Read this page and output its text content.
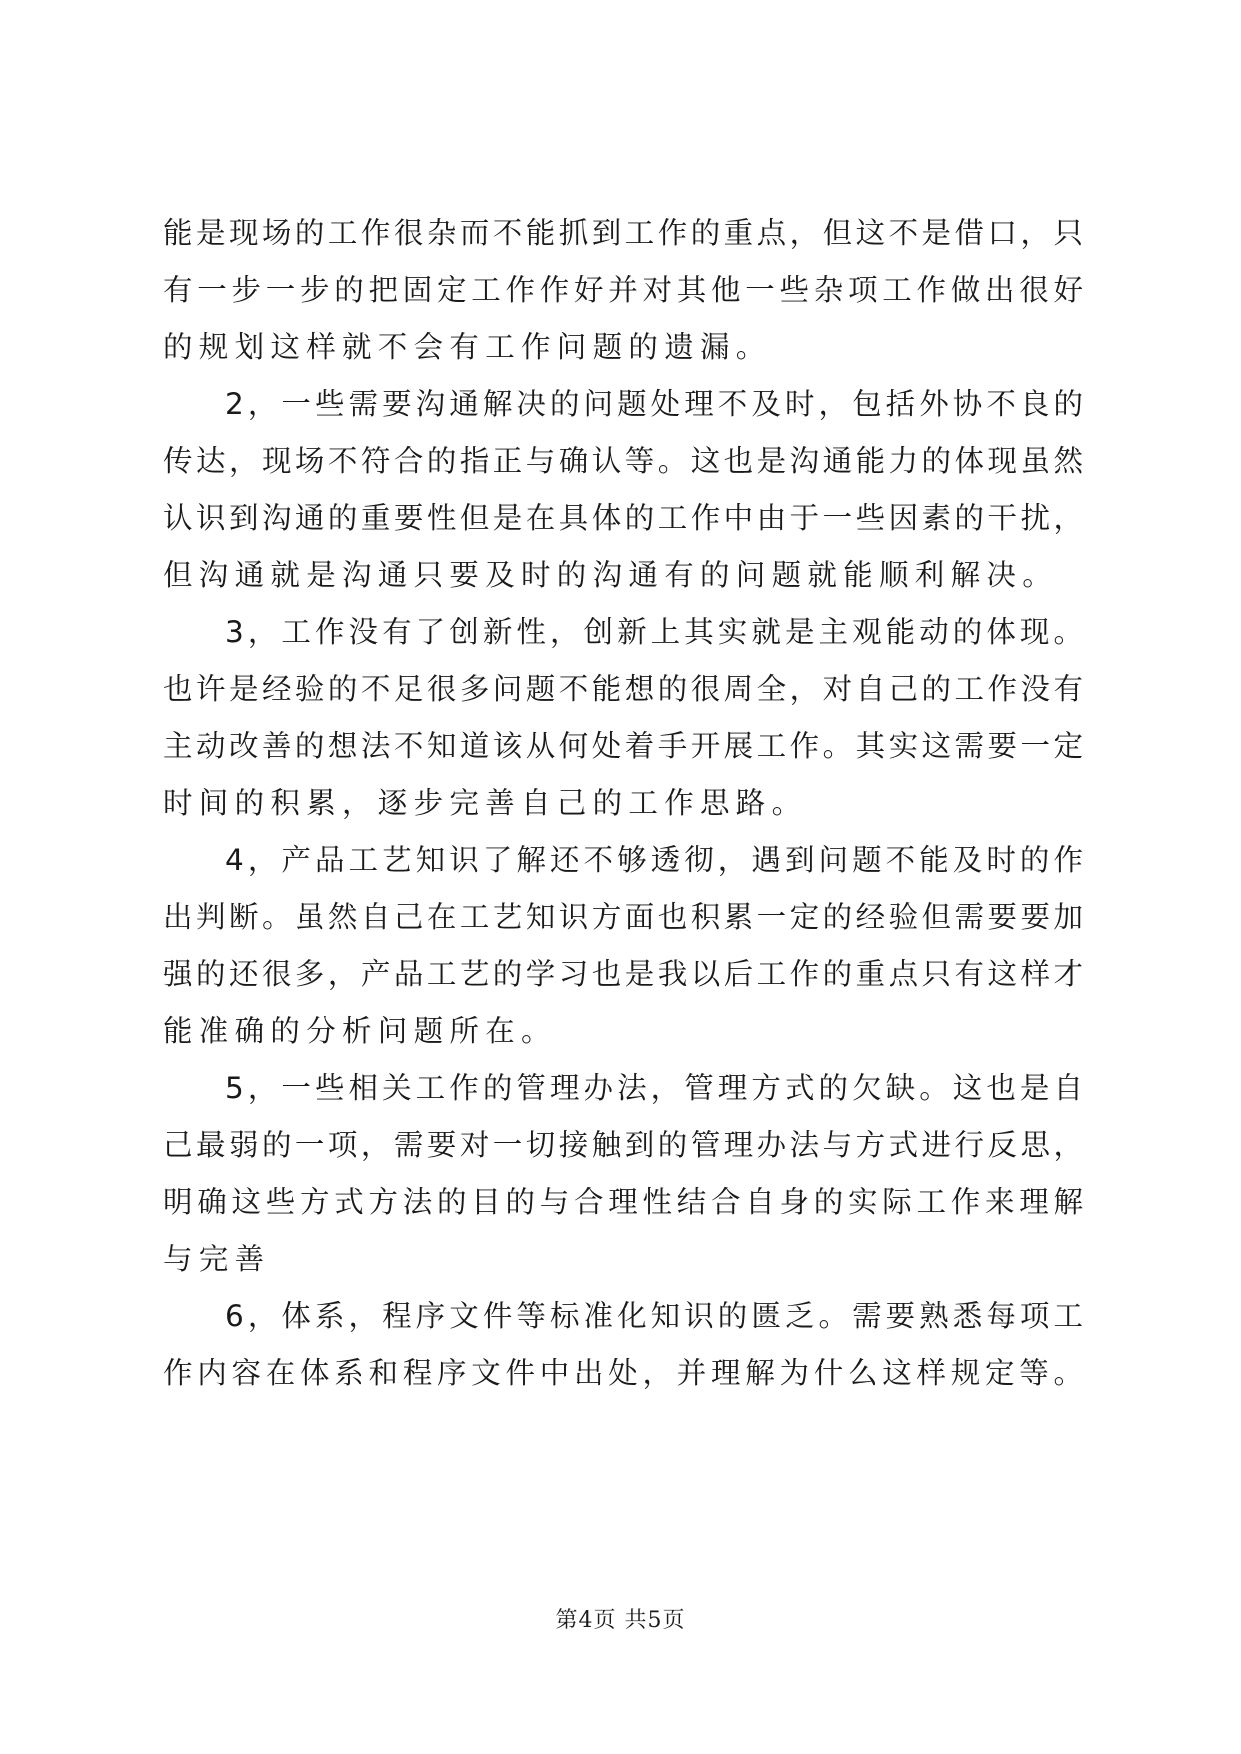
能是现场的工作很杂而不能抓到工作的重点，但这不是借口，只
有一步一步的把固定工作作好并对其他一些杂项工作做出很好
的规划这样就不会有工作问题的遗漏。
2，一些需要沟通解决的问题处理不及时，包括外协不良的
传达，现场不符合的指正与确认等。这也是沟通能力的体现虽然
认识到沟通的重要性但是在具体的工作中由于一些因素的干扰，
但沟通就是沟通只要及时的沟通有的问题就能顺利解决。
3，工作没有了创新性，创新上其实就是主观能动的体现。
也许是经验的不足很多问题不能想的很周全，对自己的工作没有
主动改善的想法不知道该从何处着手开展工作。其实这需要一定
时间的积累，逐步完善自己的工作思路。
4，产品工艺知识了解还不够透彻，遇到问题不能及时的作
出判断。虽然自己在工艺知识方面也积累一定的经验但需要要加
强的还很多，产品工艺的学习也是我以后工作的重点只有这样才
能准确的分析问题所在。
5，一些相关工作的管理办法，管理方式的欠缺。这也是自
己最弱的一项，需要对一切接触到的管理办法与方式进行反思，
明确这些方式方法的目的与合理性结合自身的实际工作来理解
与完善
6，体系，程序文件等标准化知识的匮乏。需要熟悉每项工
作内容在体系和程序文件中出处，并理解为什么这样规定等。
第4页 共5页
